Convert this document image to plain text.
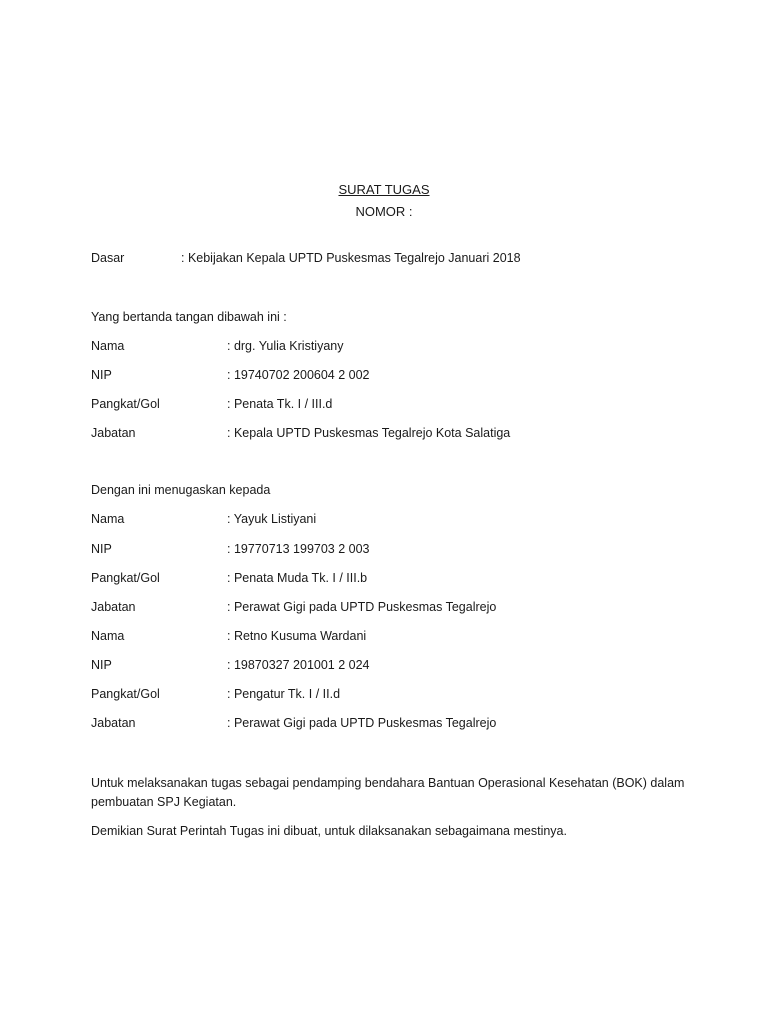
SURAT TUGAS
NOMOR :
Dasar	: Kebijakan Kepala UPTD Puskesmas Tegalrejo Januari 2018
Yang bertanda tangan dibawah ini :
Nama	: drg. Yulia Kristiyany
NIP	: 19740702 200604 2 002
Pangkat/Gol	: Penata Tk. I / III.d
Jabatan	: Kepala UPTD Puskesmas Tegalrejo Kota Salatiga
Dengan ini menugaskan kepada
Nama	: Yayuk Listiyani
NIP	: 19770713 199703 2 003
Pangkat/Gol	: Penata Muda Tk. I / III.b
Jabatan	: Perawat Gigi pada UPTD Puskesmas Tegalrejo
Nama	: Retno Kusuma Wardani
NIP	: 19870327 201001 2 024
Pangkat/Gol	: Pengatur Tk. I / II.d
Jabatan	: Perawat Gigi pada UPTD Puskesmas Tegalrejo
Untuk melaksanakan tugas sebagai pendamping bendahara Bantuan Operasional Kesehatan (BOK) dalam pembuatan SPJ Kegiatan.
Demikian Surat Perintah Tugas ini dibuat, untuk dilaksanakan sebagaimana mestinya.
